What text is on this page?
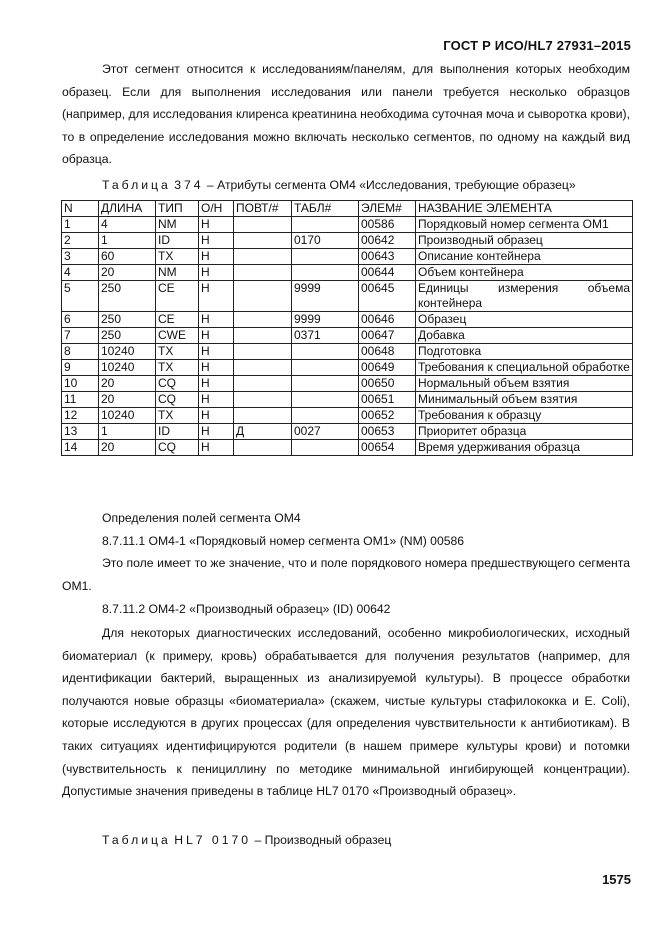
ГОСТ Р ИСО/HL7 27931–2015
Этот сегмент относится к исследованиям/панелям, для выполнения которых необходим образец. Если для выполнения исследования или панели требуется несколько образцов (например, для исследования клиренса креатинина необходима суточная моча и сыворотка крови), то в определение исследования можно включать несколько сегментов, по одному на каждый вид образца.
Таблица 374 – Атрибуты сегмента OM4 «Исследования, требующие образец»
N	ДЛИНА	ТИП	О/Н	ПОВТ/#	ТАБЛ#	ЭЛЕМ#	НАЗВАНИЕ ЭЛЕМЕНТА
1	4	NM	Н			00586	Порядковый номер сегмента OM1
2	1	ID	Н		0170	00642	Производный образец
3	60	TX	Н			00643	Описание контейнера
4	20	NM	Н			00644	Объем контейнера
5	250	CE	Н		9999	00645	Единицы измерения объема контейнера
6	250	CE	Н		9999	00646	Образец
7	250	CWE	Н		0371	00647	Добавка
8	10240	TX	Н			00648	Подготовка
9	10240	TX	Н			00649	Требования к специальной обработке
10	20	CQ	Н			00650	Нормальный объем взятия
11	20	CQ	Н			00651	Минимальный объем взятия
12	10240	TX	Н			00652	Требования к образцу
13	1	ID	Н	Д	0027	00653	Приоритет образца
14	20	CQ	Н			00654	Время удерживания образца
Определения полей сегмента OM4
8.7.11.1 OM4-1 «Порядковый номер сегмента OM1» (NM) 00586
Это поле имеет то же значение, что и поле порядкового номера предшествующего сегмента OM1.
8.7.11.2 OM4-2 «Производный образец» (ID) 00642
Для некоторых диагностических исследований, особенно микробиологических, исходный биоматериал (к примеру, кровь) обрабатывается для получения результатов (например, для идентификации бактерий, выращенных из анализируемой культуры). В процессе обработки получаются новые образцы «биоматериала» (скажем, чистые культуры стафилококка и E. Coli), которые исследуются в других процессах (для определения чувствительности к антибиотикам). В таких ситуациях идентифицируются родители (в нашем примере культуры крови) и потомки (чувствительность к пенициллину по методике минимальной ингибирующей концентрации). Допустимые значения приведены в таблице HL7 0170 «Производный образец».
Таблица HL7 0170 – Производный образец
1575
